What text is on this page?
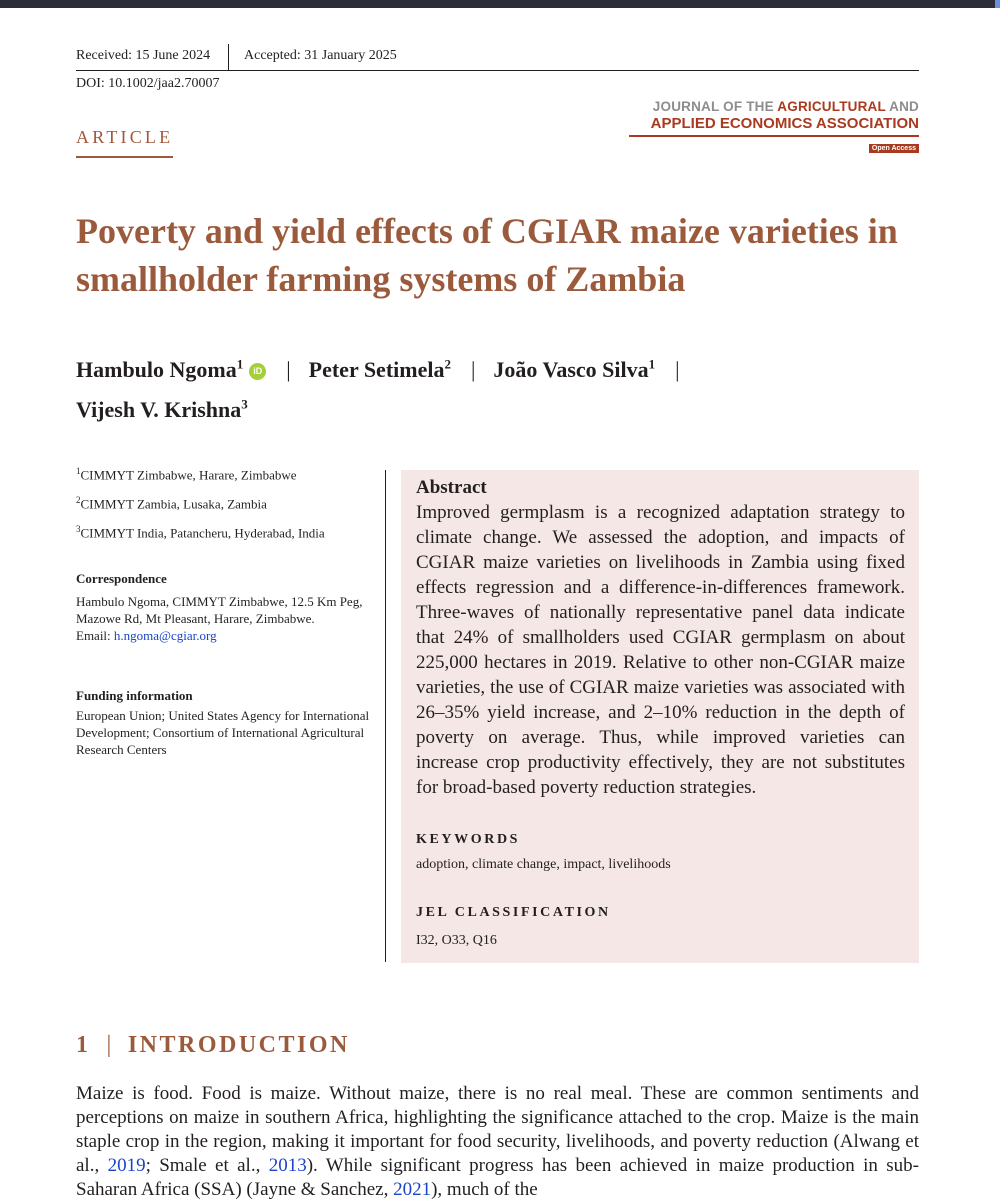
Received: 15 June 2024 Accepted: 31 January 2025
DOI: 10.1002/jaa2.70007
JOURNAL OF THE AGRICULTURAL AND
APPLIED ECONOMICS ASSOCIATION
Open Access
ARTICLE
Poverty and yield effects of CGIAR maize varieties in smallholder farming systems of Zambia
Hambulo Ngoma$^1$ iD | Peter Setimela$^2$ | João Vasco Silva$^1$ |
Vijesh V. Krishna$^3$
$^1$CIMMYT Zimbabwe, Harare, Zimbabwe
$^2$CIMMYT Zambia, Lusaka, Zambia
$^3$CIMMYT India, Patancheru, Hyderabad, India
Correspondence
Hambulo Ngoma, CIMMYT Zimbabwe, 12.5 Km Peg, Mazowe Rd, Mt Pleasant, Harare, Zimbabwe.
Email: h.ngoma@cgiar.org
Funding information
European Union; United States Agency for International Development; Consortium of International Agricultural Research Centers
Abstract
Improved germplasm is a recognized adaptation strategy to climate change. We assessed the adoption, and impacts of CGIAR maize varieties on livelihoods in Zambia using fixed effects regression and a difference-in-differences framework. Three-waves of nationally representative panel data indicate that 24% of smallholders used CGIAR germplasm on about 225,000 hectares in 2019. Relative to other non-CGIAR maize varieties, the use of CGIAR maize varieties was associated with 26–35% yield increase, and 2–10% reduction in the depth of poverty on average. Thus, while improved varieties can increase crop productivity effectively, they are not substitutes for broad-based poverty reduction strategies.
KEYWORDS
adoption, climate change, impact, livelihoods
JEL CLASSIFICATION
I32, O33, Q16
1 | INTRODUCTION

Maize is food. Food is maize. Without maize, there is no real meal. These are common sentiments and perceptions on maize in southern Africa, highlighting the significance attached to the crop. Maize is the main staple crop in the region, making it important for food security, livelihoods, and poverty reduction (Alwang et al., 2019; Smale et al., 2013). While significant progress has been achieved in maize production in sub-Saharan Africa (SSA) (Jayne & Sanchez, 2021), much of the
